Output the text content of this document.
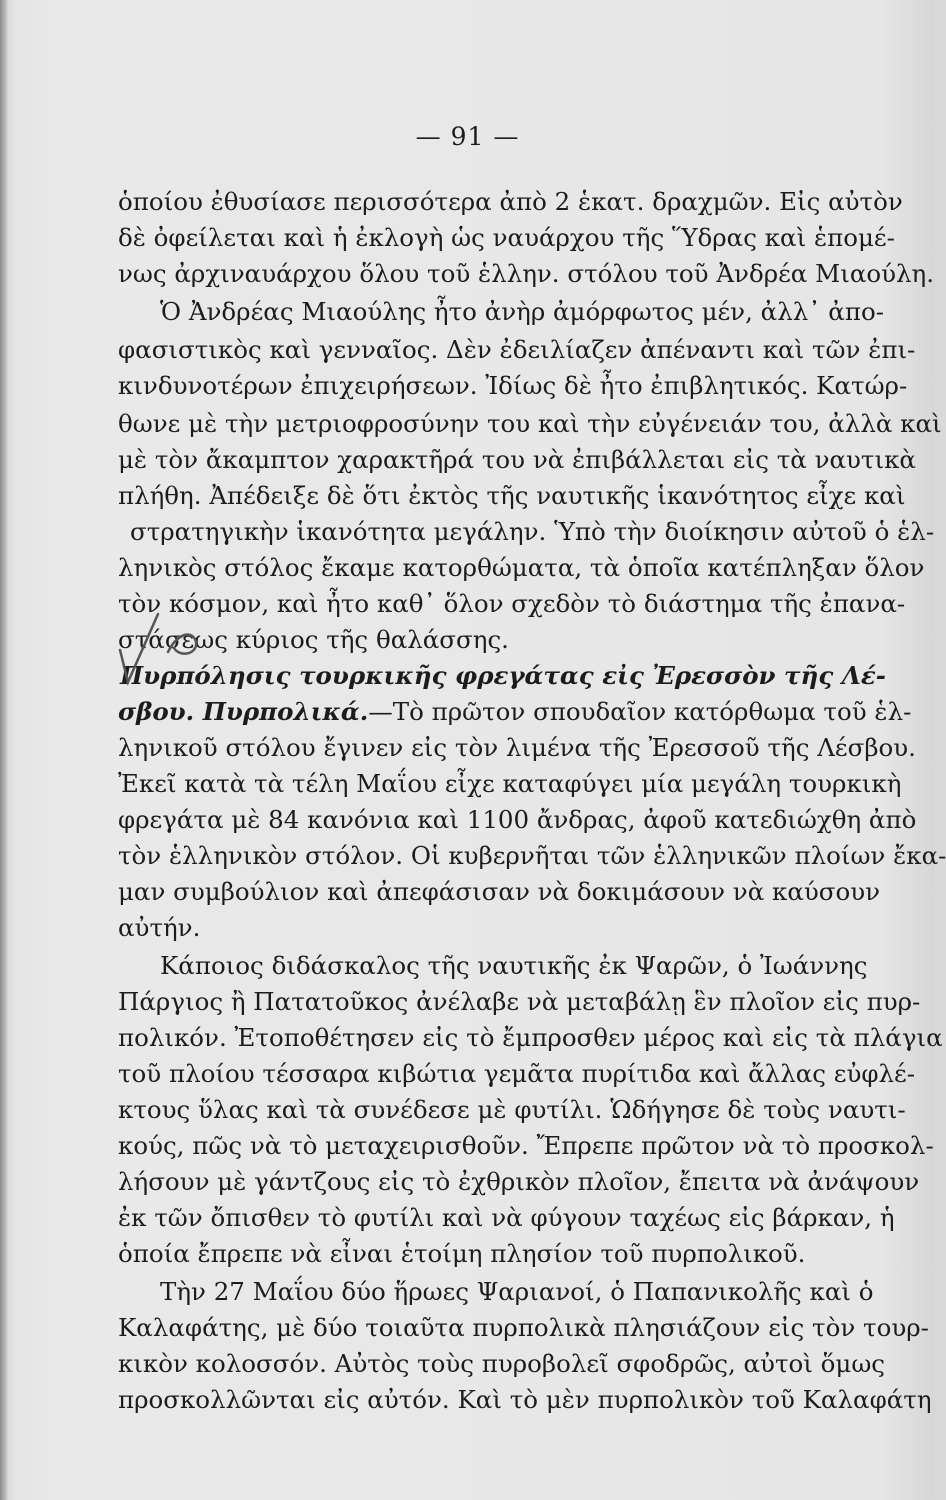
— 91 —
ὁποίου ἐθυσίασε περισσότερα ἀπὸ 2 ἑκατ. δραχμῶν. Εἰς αὐτὸν
δὲ ὀφείλεται καὶ ἡ ἐκλογὴ ὡς ναυάρχου τῆς Ὕδρας καὶ ἑπομέ-
νως ἀρχιναυάρχου ὅλου τοῦ ἑλλην. στόλου τοῦ Ἀνδρέα Μιαούλη.
Ὁ Ἀνδρέας Μιαούλης ἦτο ἀνὴρ ἀμόρφωτος μέν, ἀλλ᾽ ἀπο-
φασιστικὸς καὶ γενναῖος. Δὲν ἐδειλίαζεν ἀπέναντι καὶ τῶν ἐπι-
κινδυνοτέρων ἐπιχειρήσεων. Ἰδίως δὲ ἦτο ἐπιβλητικός. Κατώρ-
θωνε μὲ τὴν μετριοφροσύνην του καὶ τὴν εὐγένειάν του, ἀλλὰ καὶ
μὲ τὸν ἄκαμπτον χαρακτῆρά του νὰ ἐπιβάλλεται εἰς τὰ ναυτικὰ
πλήθη. Ἀπέδειξε δὲ ὅτι ἐκτὸς τῆς ναυτικῆς ἱκανότητος εἶχε καὶ
στρατηγικὴν ἱκανότητα μεγάλην. Ὑπὸ τὴν διοίκησιν αὐτοῦ ὁ ἑλ-
ληνικὸς στόλος ἔκαμε κατορθώματα, τὰ ὁποῖα κατέπληξαν ὅλον
τὸν κόσμον, καὶ ἦτο καθ᾽ ὅλον σχεδὸν τὸ διάστημα τῆς ἐπανα-
στάσεως κύριος τῆς θαλάσσης.
Πυρπόλησις τουρκικῆς φρεγάτας εἰς Ἐρεσσὸν τῆς Λέ-
σβου. Πυρπολικά.—Τὸ πρῶτον σπουδαῖον κατόρθωμα τοῦ ἑλ-
ληνικοῦ στόλου ἔγινεν εἰς τὸν λιμένα τῆς Ἐρεσσοῦ τῆς Λέσβου.
Ἐκεῖ κατὰ τὰ τέλη Μαΐου εἶχε καταφύγει μία μεγάλη τουρκικὴ
φρεγάτα μὲ 84 κανόνια καὶ 1100 ἄνδρας, ἀφοῦ κατεδιώχθη ἀπὸ
τὸν ἑλληνικὸν στόλον. Οἱ κυβερνῆται τῶν ἑλληνικῶν πλοίων ἔκα-
μαν συμβούλιον καὶ ἀπεφάσισαν νὰ δοκιμάσουν νὰ καύσουν
αὐτήν.
Κάποιος διδάσκαλος τῆς ναυτικῆς ἐκ Ψαρῶν, ὁ Ἰωάννης
Πάργιος ἢ Πατατοῦκος ἀνέλαβε νὰ μεταβάλῃ ἓν πλοῖον εἰς πυρ-
πολικόν. Ἐτοποθέτησεν εἰς τὸ ἔμπροσθεν μέρος καὶ εἰς τὰ πλάγια
τοῦ πλοίου τέσσαρα κιβώτια γεμᾶτα πυρίτιδα καὶ ἄλλας εὐφλέ-
κτους ὕλας καὶ τὰ συνέδεσε μὲ φυτίλι. Ὡδήγησε δὲ τοὺς ναυτι-
κούς, πῶς νὰ τὸ μεταχειρισθοῦν. Ἔπρεπε πρῶτον νὰ τὸ προσκολ-
λήσουν μὲ γάντζους εἰς τὸ ἐχθρικὸν πλοῖον, ἔπειτα νὰ ἀνάψουν
ἐκ τῶν ὄπισθεν τὸ φυτίλι καὶ νὰ φύγουν ταχέως εἰς βάρκαν, ἡ
ὁποία ἔπρεπε νὰ εἶναι ἑτοίμη πλησίον τοῦ πυρπολικοῦ.
Τὴν 27 Μαΐου δύο ἥρωες Ψαριανοί, ὁ Παπανικολῆς καὶ ὁ
Καλαφάτης, μὲ δύο τοιαῦτα πυρπολικὰ πλησιάζουν εἰς τὸν τουρ-
κικὸν κολοσσόν. Αὐτὸς τοὺς πυροβολεῖ σφοδρῶς, αὐτοὶ ὅμως
προσκολλῶνται εἰς αὐτόν. Καὶ τὸ μὲν πυρπολικὸν τοῦ Καλαφάτη
